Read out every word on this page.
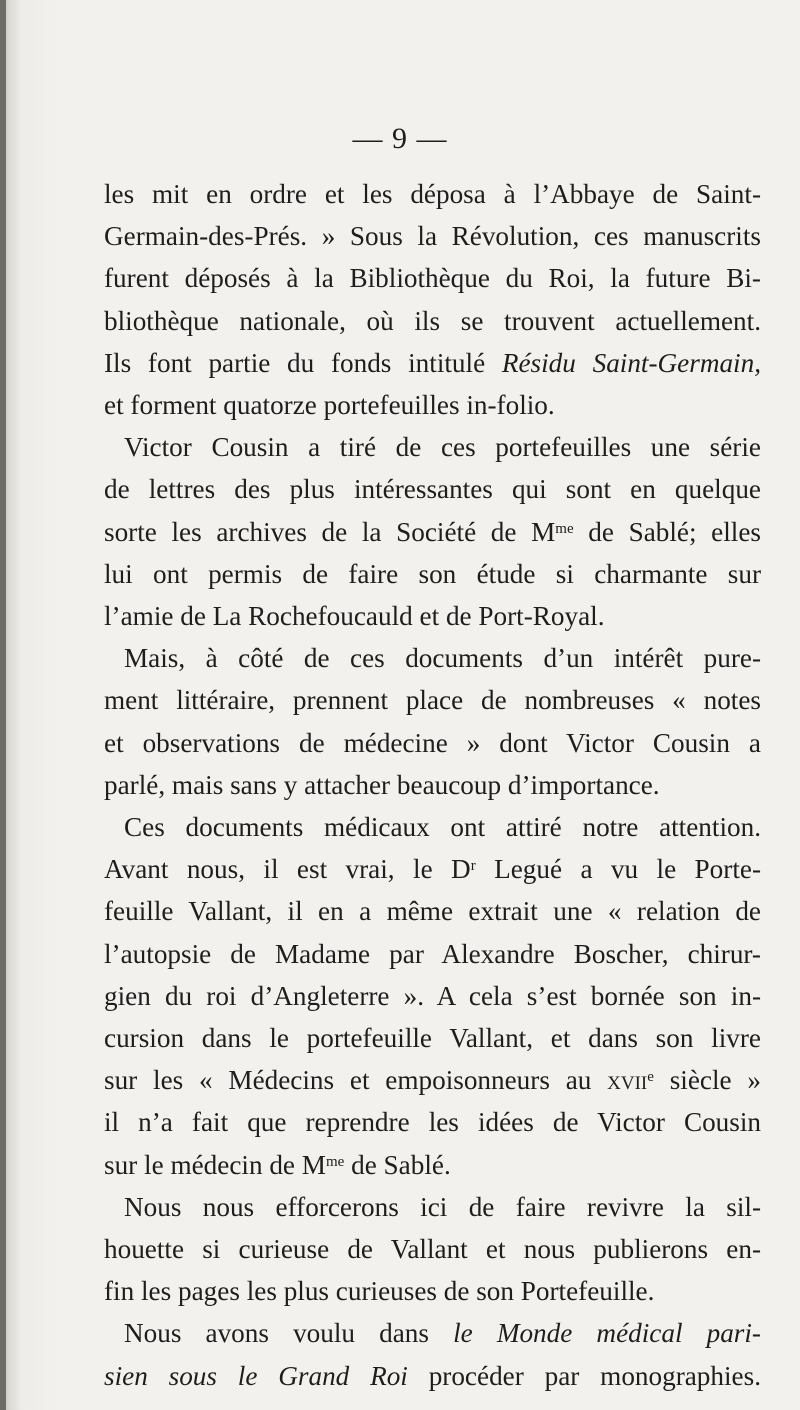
— 9 —
les mit en ordre et les déposa à l’Abbaye de Saint-
Germain-des-Prés. » Sous la Révolution, ces manuscrits
furent déposés à la Bibliothèque du Roi, la future Bi-
bliothèque nationale, où ils se trouvent actuellement.
Ils font partie du fonds intitulé Résidu Saint-Germain,
et forment quatorze portefeuilles in-folio.
Victor Cousin a tiré de ces portefeuilles une série
de lettres des plus intéressantes qui sont en quelque
sorte les archives de la Société de $M^{me}$ de Sablé; elles
lui ont permis de faire son étude si charmante sur
l’amie de La Rochefoucauld et de Port-Royal.
Mais, à côté de ces documents d’un intérêt pure-
ment littéraire, prennent place de nombreuses « notes
et observations de médecine » dont Victor Cousin a
parlé, mais sans y attacher beaucoup d’importance.
Ces documents médicaux ont attiré notre attention.
Avant nous, il est vrai, le $D^r$ Legué a vu le Porte-
feuille Vallant, il en a même extrait une « relation de
l’autopsie de Madame par Alexandre Boscher, chirur-
gien du roi d’Angleterre ». A cela s’est bornée son in-
cursion dans le portefeuille Vallant, et dans son livre
sur les « Médecins et empoisonneurs au xvii$^e$ siècle »
il n’a fait que reprendre les idées de Victor Cousin
sur le médecin de $M^{me}$ de Sablé.
Nous nous efforcerons ici de faire revivre la sil-
houette si curieuse de Vallant et nous publierons en-
fin les pages les plus curieuses de son Portefeuille.
Nous avons voulu dans le Monde médical pari-
sien sous le Grand Roi procéder par monographies.
